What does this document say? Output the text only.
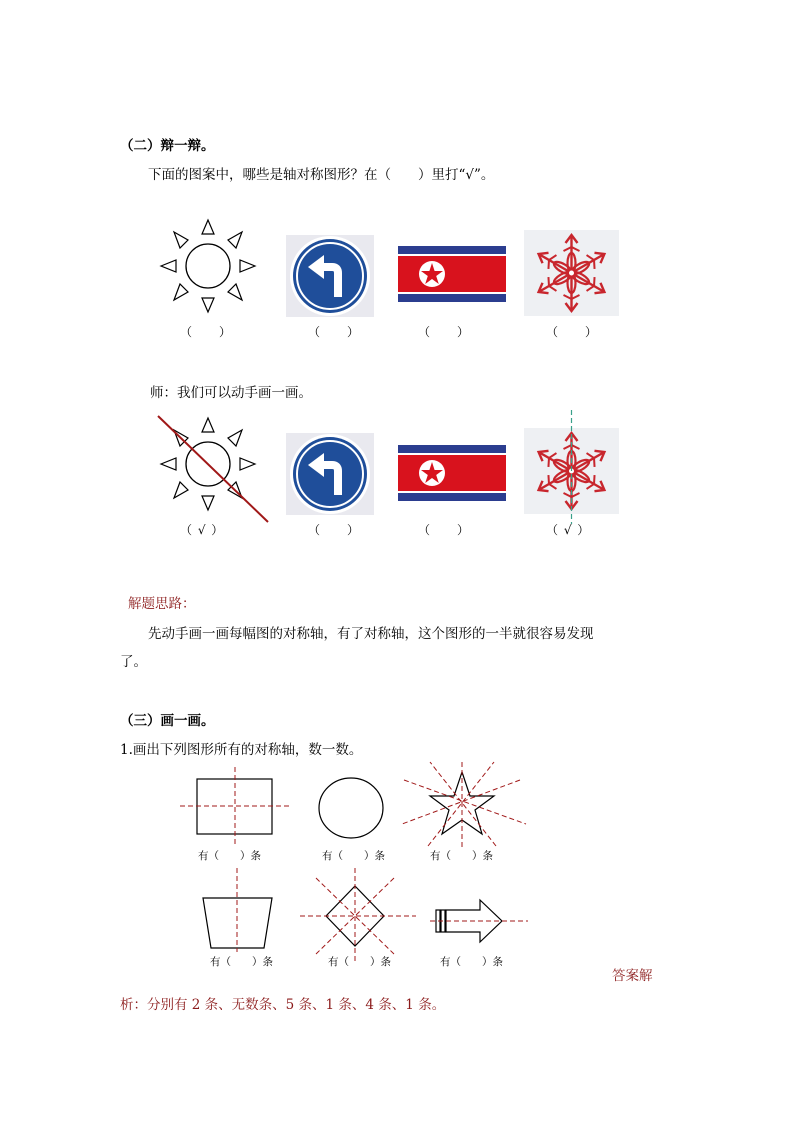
（二）辩一辩。
下面的图案中，哪些是轴对称图形？在（　　）里打“√”。
（　　）	（　　）	（　　）	（　　）
师：我们可以动手画一画。
（ √ ）	（　　）	（　　）	（ √ ）
解题思路：
先动手画一画每幅图的对称轴，有了对称轴，这个图形的一半就很容易发现
了。
（三）画一画。
1.画出下列图形所有的对称轴，数一数。
有（　　）条	有（　　）条	有（　　）条
有（　　）条	有（　　）条	有（　　）条
答案解
析：分别有 2 条、无数条、5 条、1 条、4 条、1 条。
